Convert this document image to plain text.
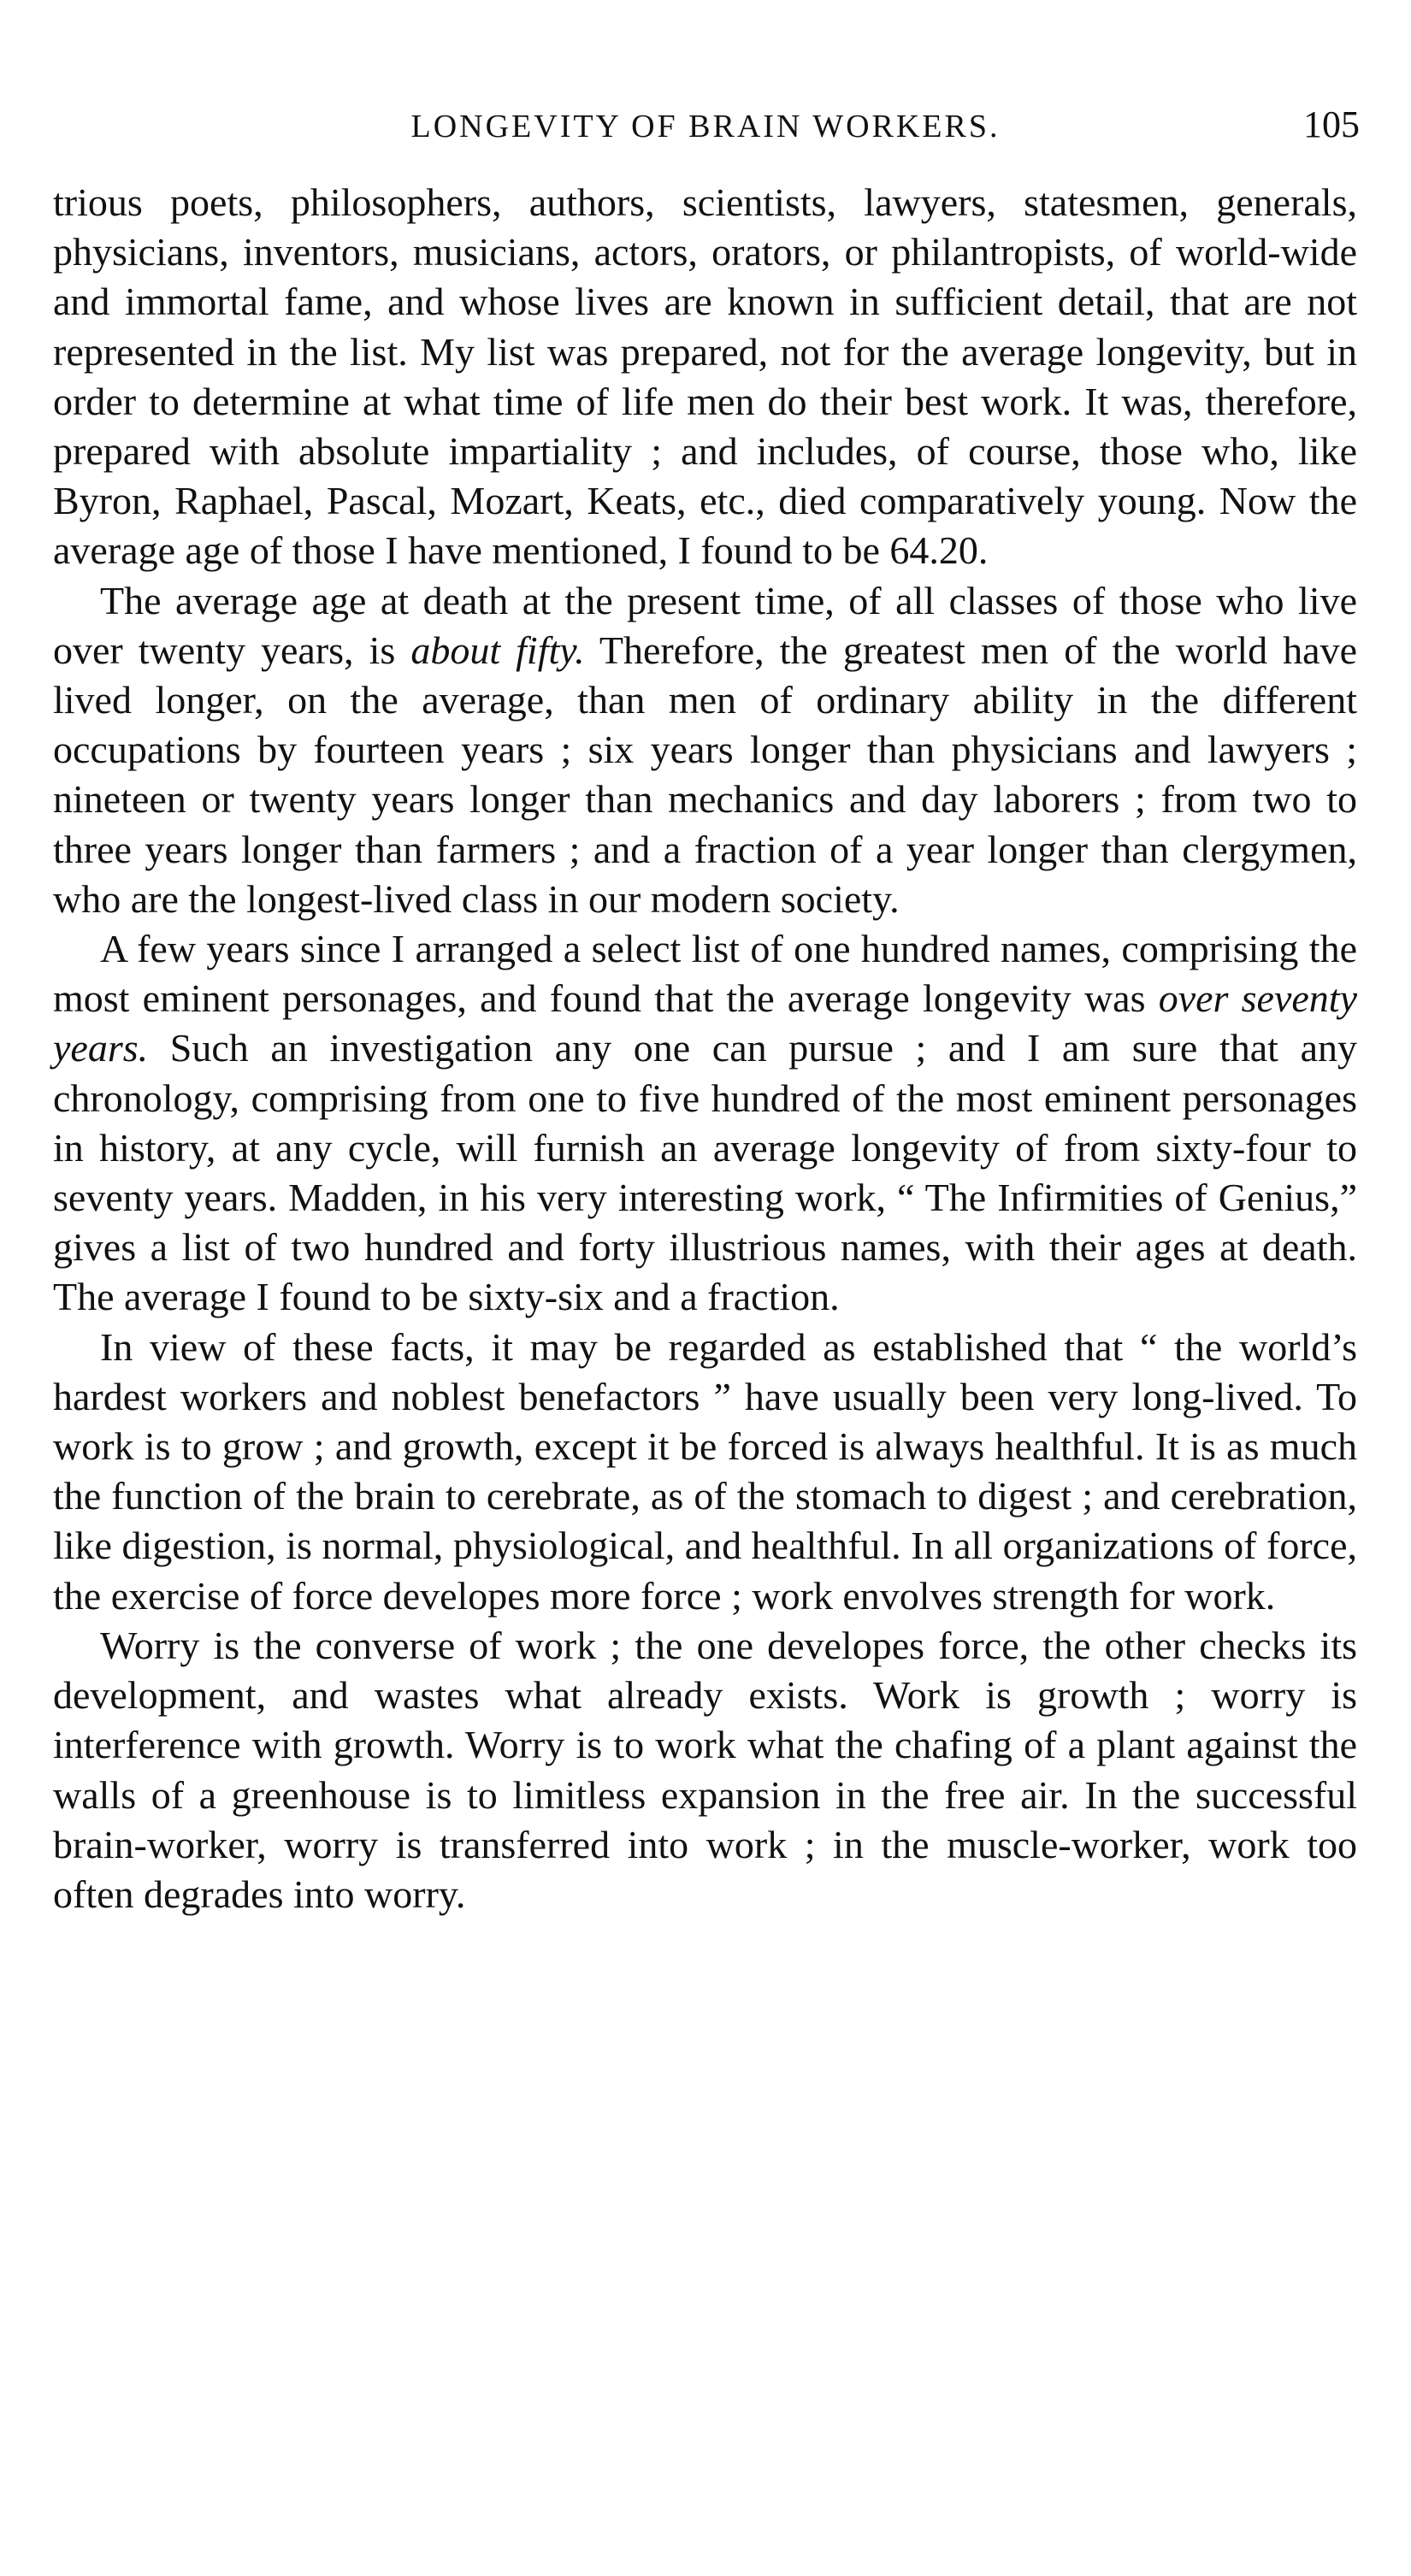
LONGEVITY OF BRAIN WORKERS.	105

trious poets, philosophers, authors, scientists, lawyers, statesmen, generals, physicians, inventors, musicians, actors, orators, or philantropists, of world-wide and immortal fame, and whose lives are known in sufficient detail, that are not represented in the list. My list was prepared, not for the average longevity, but in order to determine at what time of life men do their best work. It was, therefore, prepared with absolute impartiality ; and includes, of course, those who, like Byron, Raphael, Pascal, Mozart, Keats, etc., died comparatively young. Now the average age of those I have mentioned, I found to be 64.20.

The average age at death at the present time, of all classes of those who live over twenty years, is about fifty. Therefore, the greatest men of the world have lived longer, on the average, than men of ordinary ability in the different occupations by fourteen years ; six years longer than physicians and lawyers ; nineteen or twenty years longer than mechanics and day laborers ; from two to three years longer than farmers ; and a fraction of a year longer than clergymen, who are the longest-lived class in our modern society.

A few years since I arranged a select list of one hundred names, comprising the most eminent personages, and found that the average longevity was over seventy years. Such an investigation any one can pursue ; and I am sure that any chronology, comprising from one to five hundred of the most eminent personages in history, at any cycle, will furnish an average longevity of from sixty-four to seventy years. Madden, in his very interesting work, “ The Infirmities of Genius,” gives a list of two hundred and forty illustrious names, with their ages at death. The average I found to be sixty-six and a fraction.

In view of these facts, it may be regarded as established that “ the world’s hardest workers and noblest benefactors ” have usually been very long-lived. To work is to grow ; and growth, except it be forced is always healthful. It is as much the function of the brain to cerebrate, as of the stomach to digest ; and cerebration, like digestion, is normal, physiological, and healthful. In all organizations of force, the exercise of force developes more force ; work envolves strength for work.

Worry is the converse of work ; the one developes force, the other checks its development, and wastes what already exists. Work is growth ; worry is interference with growth. Worry is to work what the chafing of a plant against the walls of a greenhouse is to limitless expansion in the free air. In the successful brain-worker, worry is transferred into work ; in the muscle-worker, work too often degrades into worry.
